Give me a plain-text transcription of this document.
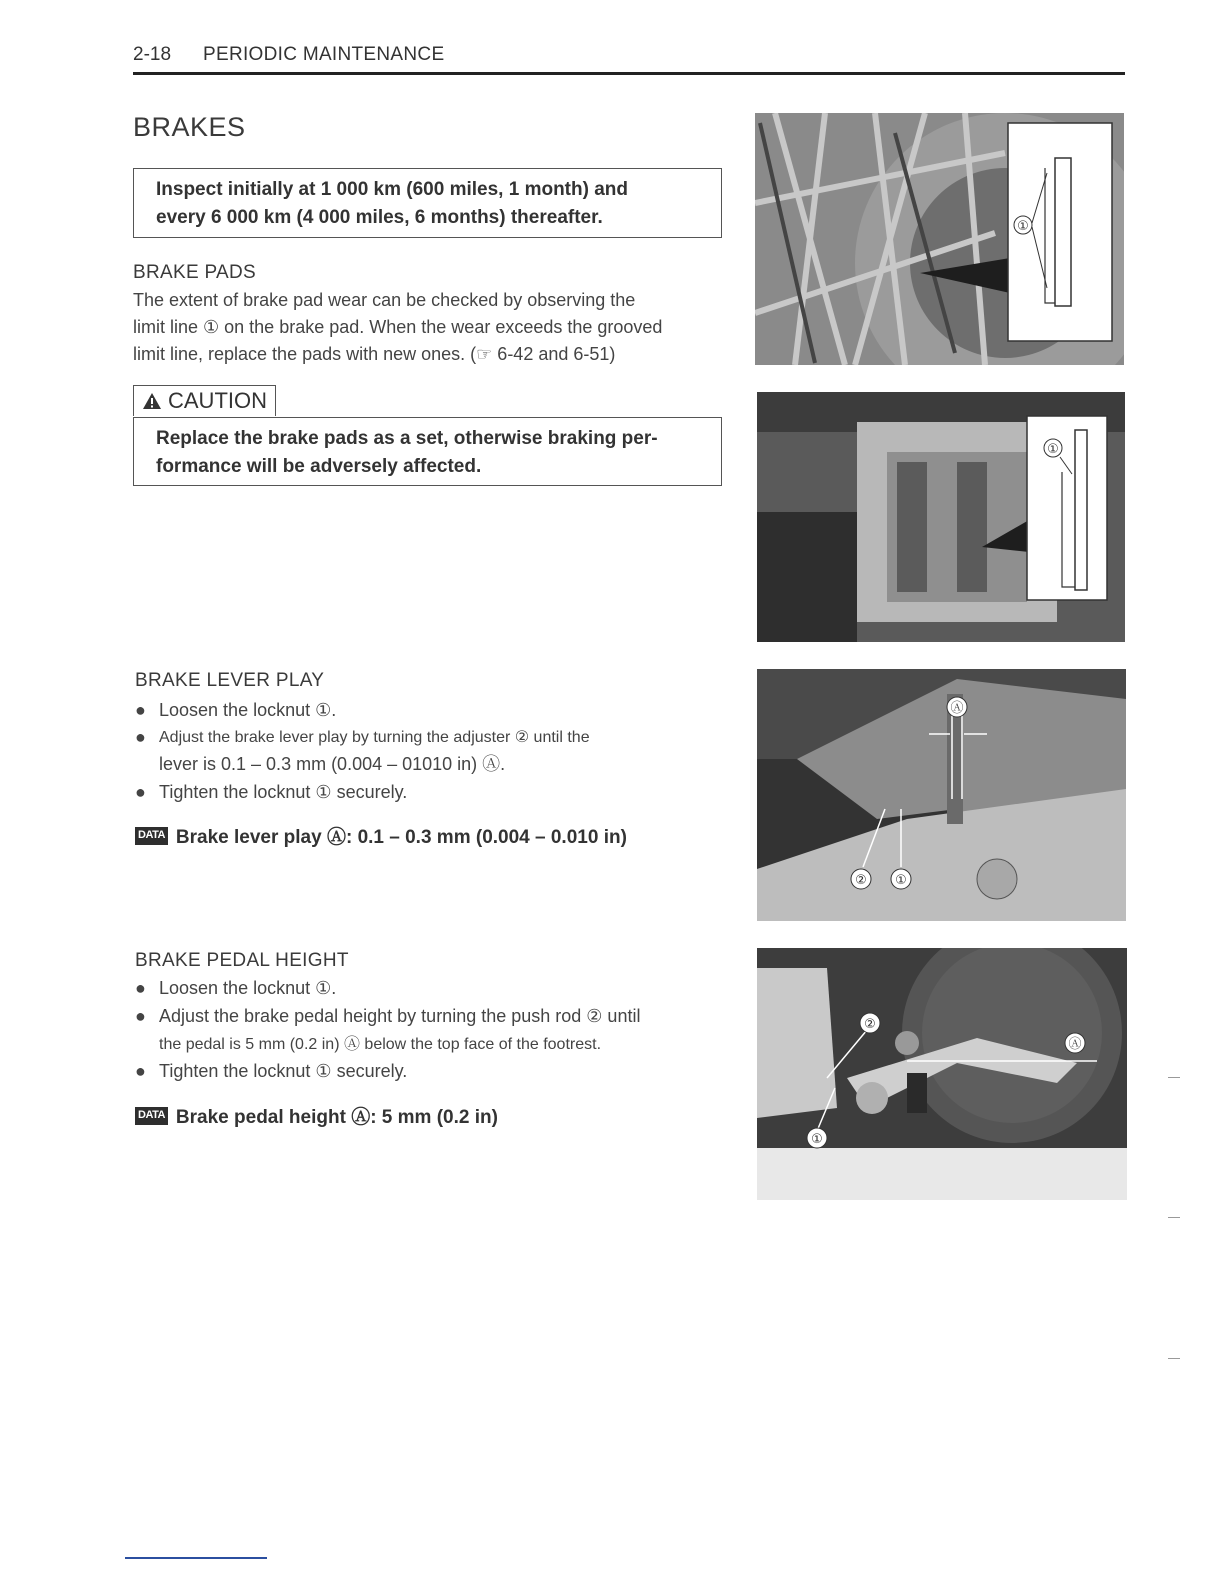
2-18 PERIODIC MAINTENANCE
BRAKES
Inspect initially at 1 000 km (600 miles, 1 month) and
every 6 000 km (4 000 miles, 6 months) thereafter.
BRAKE PADS
The extent of brake pad wear can be checked by observing the
limit line ① on the brake pad. When the wear exceeds the grooved
limit line, replace the pads with new ones. (☞ 6-42 and 6-51)
CAUTION
Replace the brake pads as a set, otherwise braking per-
formance will be adversely affected.
BRAKE LEVER PLAY
● Loosen the locknut ①.
● Adjust the brake lever play by turning the adjuster ② until the
lever is 0.1 – 0.3 mm (0.004 – 01010 in) Ⓐ.
● Tighten the locknut ① securely.
DATA Brake lever play Ⓐ: 0.1 – 0.3 mm (0.004 – 0.010 in)
BRAKE PEDAL HEIGHT
● Loosen the locknut ①.
● Adjust the brake pedal height by turning the push rod ② until
the pedal is 5 mm (0.2 in) Ⓐ below the top face of the footrest.
● Tighten the locknut ① securely.
DATA Brake pedal height Ⓐ: 5 mm (0.2 in)
①
①
Ⓐ
② ①
Ⓐ
②
①
